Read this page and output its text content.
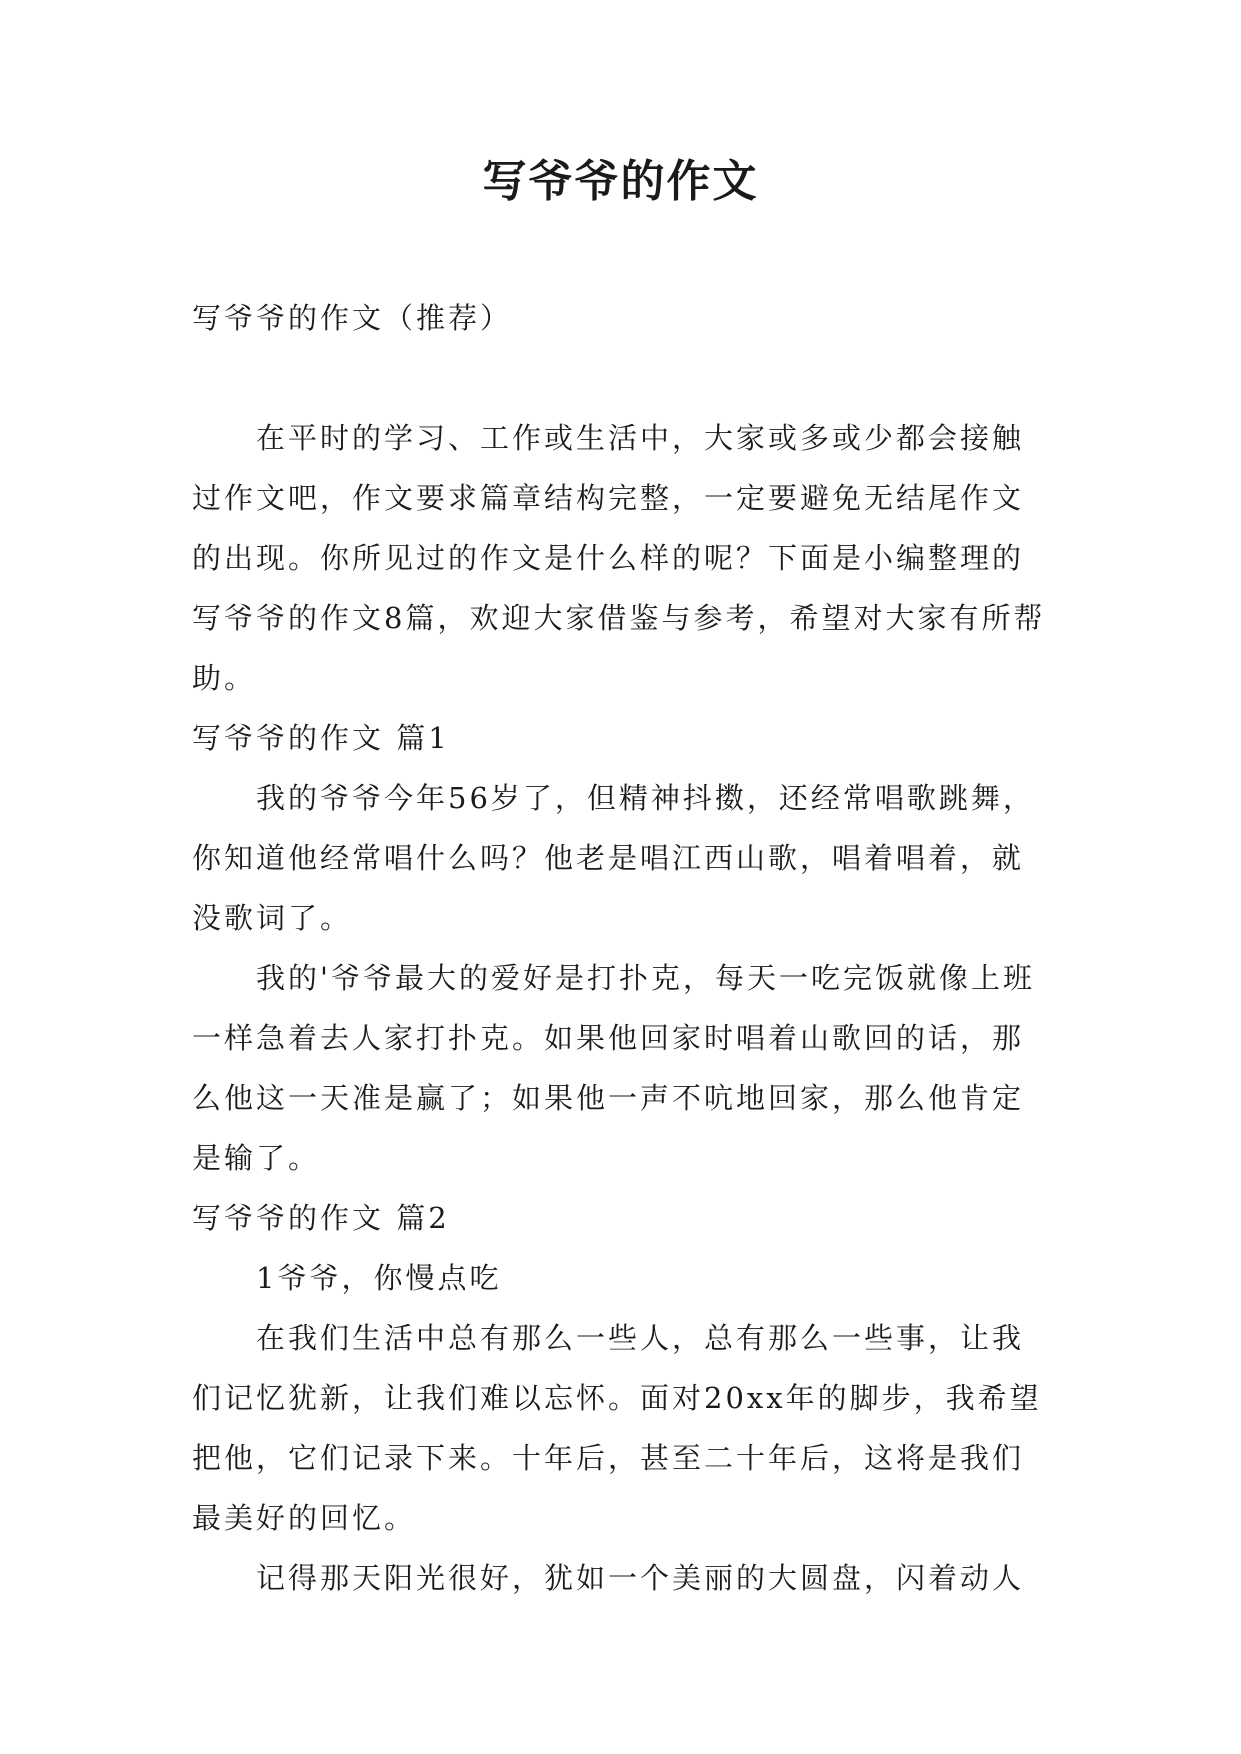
写爷爷的作文

写爷爷的作文（推荐）

在平时的学习、工作或生活中，大家或多或少都会接触过作文吧，作文要求篇章结构完整，一定要避免无结尾作文的出现。你所见过的作文是什么样的呢？下面是小编整理的写爷爷的作文8篇，欢迎大家借鉴与参考，希望对大家有所帮助。

写爷爷的作文 篇1

我的爷爷今年56岁了，但精神抖擞，还经常唱歌跳舞，你知道他经常唱什么吗？他老是唱江西山歌，唱着唱着，就没歌词了。

我的'爷爷最大的爱好是打扑克，每天一吃完饭就像上班一样急着去人家打扑克。如果他回家时唱着山歌回的话，那么他这一天准是赢了；如果他一声不吭地回家，那么他肯定是输了。

写爷爷的作文 篇2

1爷爷，你慢点吃

在我们生活中总有那么一些人，总有那么一些事，让我们记忆犹新，让我们难以忘怀。面对20xx年的脚步，我希望把他，它们记录下来。十年后，甚至二十年后，这将是我们最美好的回忆。

记得那天阳光很好，犹如一个美丽的大圆盘，闪着动人
